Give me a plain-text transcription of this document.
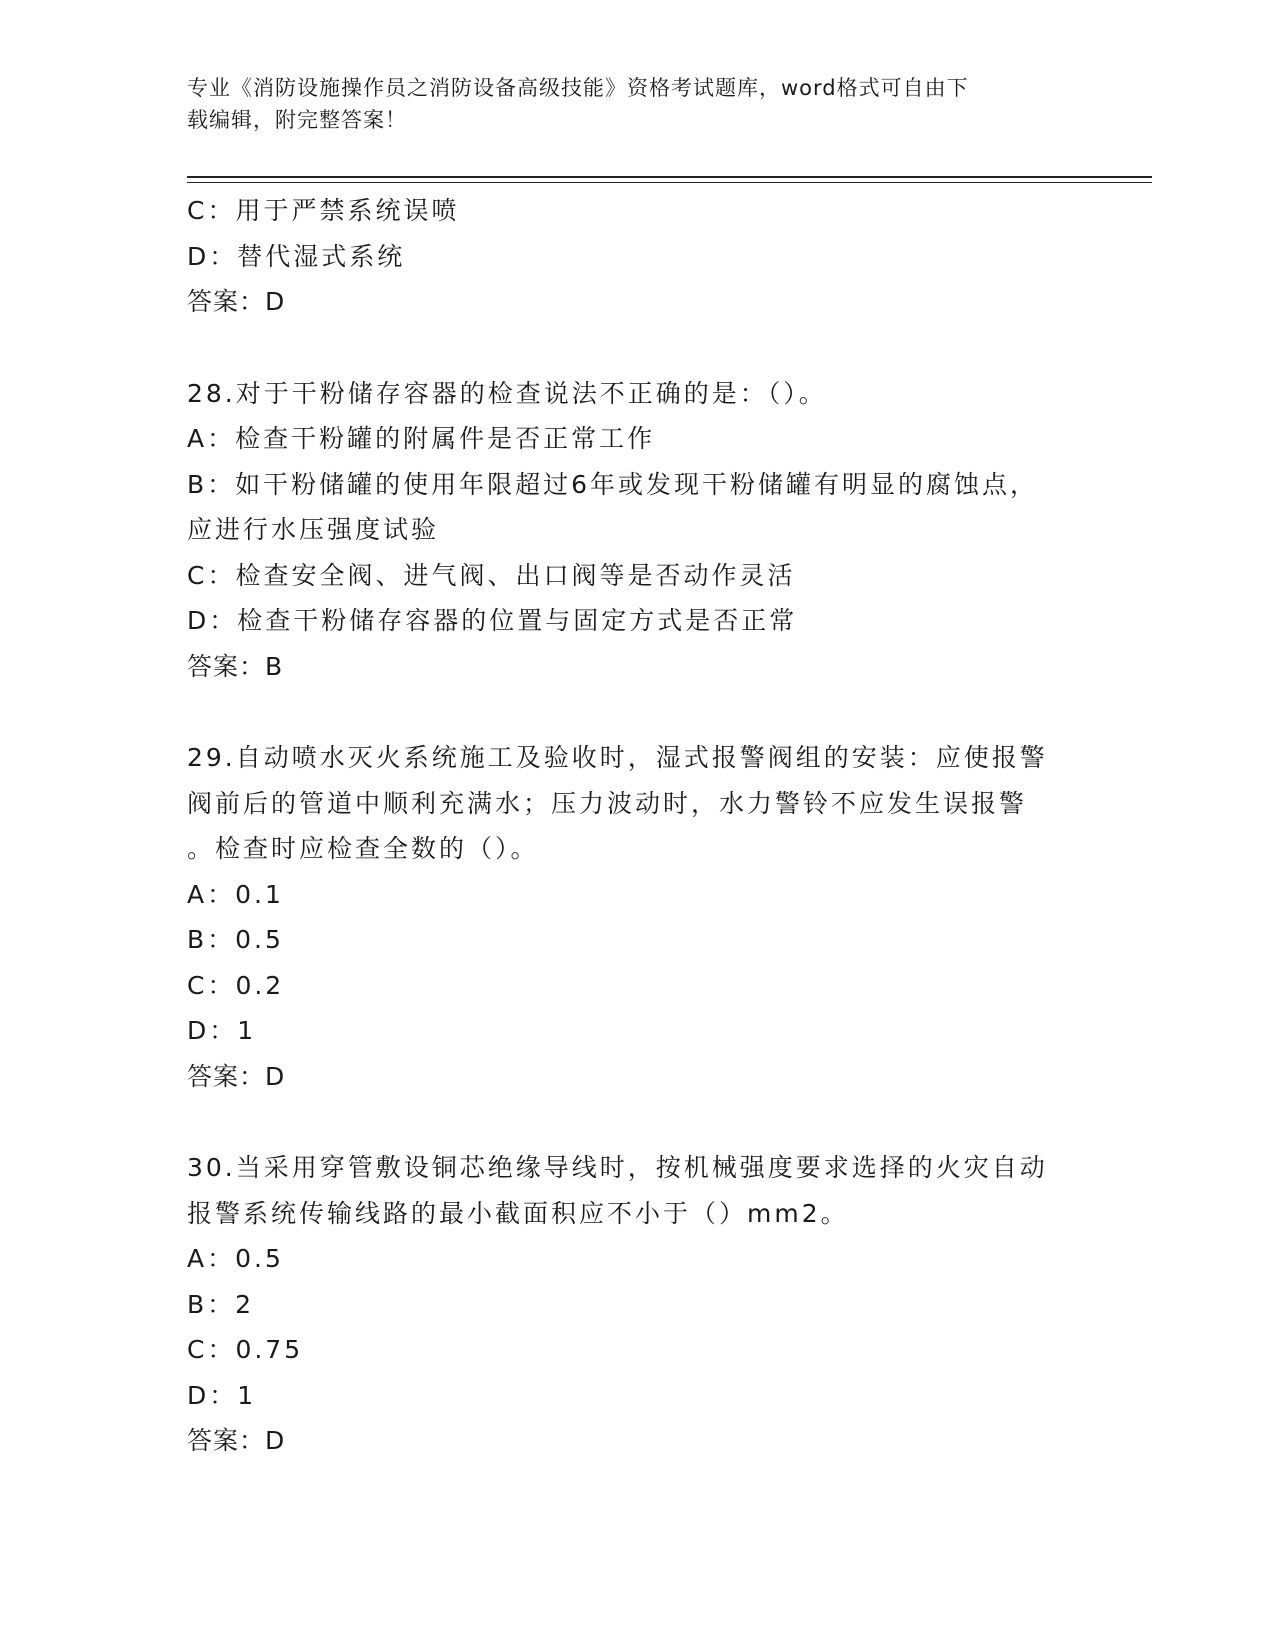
专业《消防设施操作员之消防设备高级技能》资格考试题库，word格式可自由下
载编辑，附完整答案！
C：用于严禁系统误喷
D：替代湿式系统
答案：D
28.对于干粉储存容器的检查说法不正确的是：（）。
A：检查干粉罐的附属件是否正常工作
B：如干粉储罐的使用年限超过6年或发现干粉储罐有明显的腐蚀点，
应进行水压强度试验
C：检查安全阀、进气阀、出口阀等是否动作灵活
D：检查干粉储存容器的位置与固定方式是否正常
答案：B
29.自动喷水灭火系统施工及验收时，湿式报警阀组的安装：应使报警
阀前后的管道中顺利充满水；压力波动时，水力警铃不应发生误报警
。检查时应检查全数的（）。
A：0.1
B：0.5
C：0.2
D：1
答案：D
30.当采用穿管敷设铜芯绝缘导线时，按机械强度要求选择的火灾自动
报警系统传输线路的最小截面积应不小于（）mm2。
A：0.5
B：2
C：0.75
D：1
答案：D
